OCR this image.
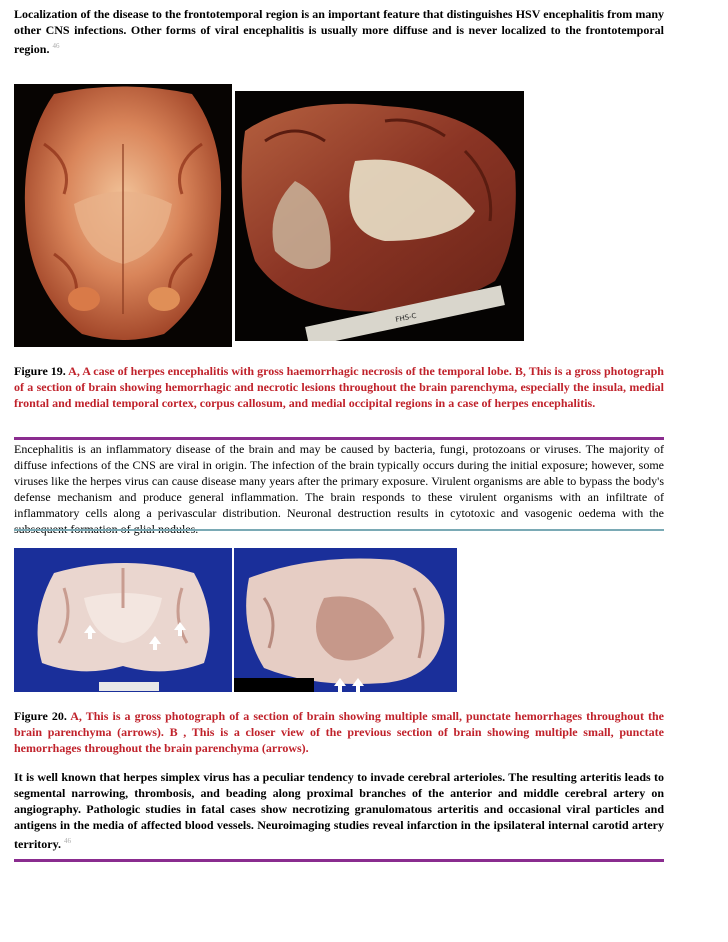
Localization of the disease to the frontotemporal region is an important feature that distinguishes HSV encephalitis from many other CNS infections. Other forms of viral encephalitis is usually more diffuse and is never localized to the frontotemporal region. $^{46}$

FHS-C

Figure 19. A, A case of herpes encephalitis with gross haemorrhagic necrosis of the temporal lobe. B, This is a gross photograph of a section of brain showing hemorrhagic and necrotic lesions throughout the brain parenchyma, especially the insula, medial frontal and medial temporal cortex, corpus callosum, and medial occipital regions in a case of herpes encephalitis.

Encephalitis is an inflammatory disease of the brain and may be caused by bacteria, fungi, protozoans or viruses. The majority of diffuse infections of the CNS are viral in origin. The infection of the brain typically occurs during the initial exposure; however, some viruses like the herpes virus can cause disease many years after the primary exposure. Virulent organisms are able to bypass the body's defense mechanism and produce general inflammation. The brain responds to these virulent organisms with an infiltrate of inflammatory cells along a perivascular distribution. Neuronal destruction results in cytotoxic and vasogenic oedema with the

Figure 20. A, This is a gross photograph of a section of brain showing multiple small, punctate hemorrhages throughout the brain parenchyma (arrows). B , This is a closer view of the previous section of brain showing multiple small, punctate hemorrhages throughout the brain parenchyma (arrows).

It is well known that herpes simplex virus has a peculiar tendency to invade cerebral arterioles. The resulting arteritis leads to segmental narrowing, thrombosis, and beading along proximal branches of the anterior and middle cerebral artery on angiography. Pathologic studies in fatal cases show necrotizing granulomatous arteritis and occasional viral particles and antigens in the media of affected blood vessels. Neuroimaging studies reveal infarction in the ipsilateral internal carotid artery territory. $^{46}$
